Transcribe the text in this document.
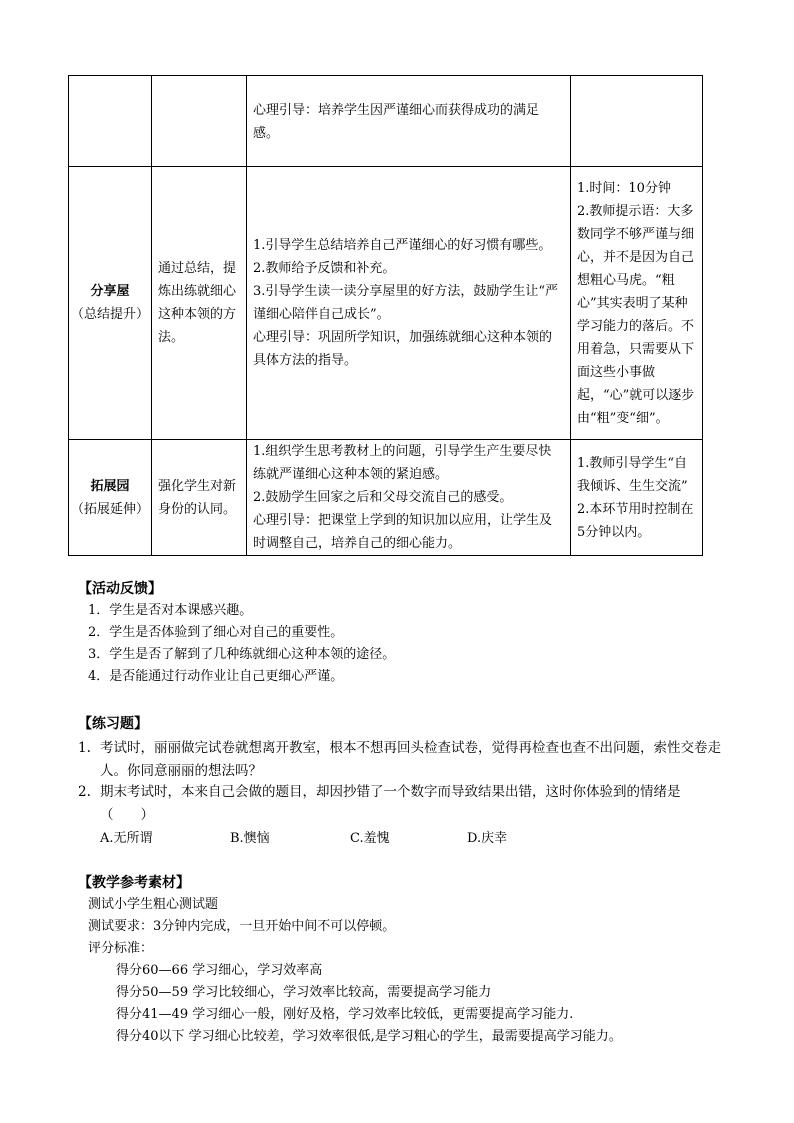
		心理引导：培养学生因严谨细心而获得成功的满足感。	

分享屋
（总结提升）	通过总结，提炼出练就细心这种本领的方法。	1.引导学生总结培养自己严谨细心的好习惯有哪些。
2.教师给予反馈和补充。
3.引导学生读一读分享屋里的好方法，鼓励学生让“严谨细心陪伴自己成长”。
心理引导：巩固所学知识，加强练就细心这种本领的具体方法的指导。	1.时间：10分钟
2.教师提示语：大多数同学不够严谨与细心，并不是因为自己想粗心马虎。“粗心”其实表明了某种学习能力的落后。不用着急，只需要从下面这些小事做起，“心”就可以逐步由“粗”变“细”。

拓展园
（拓展延伸）	强化学生对新身份的认同。	1.组织学生思考教材上的问题，引导学生产生要尽快练就严谨细心这种本领的紧迫感。
2.鼓励学生回家之后和父母交流自己的感受。
心理引导：把课堂上学到的知识加以应用，让学生及时调整自己，培养自己的细心能力。	1.教师引导学生“自我倾诉、生生交流”
2.本环节用时控制在5分钟以内。
【活动反馈】
1．学生是否对本课感兴趣。
2．学生是否体验到了细心对自己的重要性。
3．学生是否了解到了几种练就细心这种本领的途径。
4．是否能通过行动作业让自己更细心严谨。
【练习题】
1. 考试时，丽丽做完试卷就想离开教室，根本不想再回头检查试卷，觉得再检查也查不出问题，索性交卷走人。你同意丽丽的想法吗？
2. 期末考试时，本来自己会做的题目，却因抄错了一个数字而导致结果出错，这时你体验到的情绪是（　　）
A.无所谓	B.懊恼	C.羞愧	D.庆幸
【教学参考素材】
测试小学生粗心测试题
测试要求：3分钟内完成，一旦开始中间不可以停顿。
评分标准：
得分60—66 学习细心，学习效率高
得分50—59 学习比较细心，学习效率比较高，需要提高学习能力
得分41—49 学习细心一般，刚好及格，学习效率比较低，更需要提高学习能力.
得分40以下 学习细心比较差，学习效率很低,是学习粗心的学生，最需要提高学习能力。
